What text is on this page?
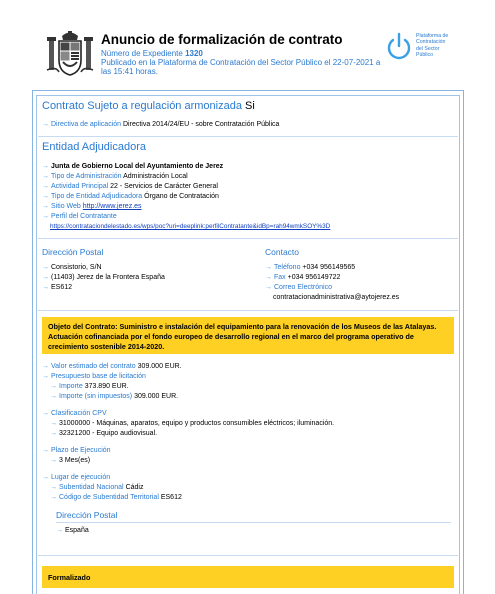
Anuncio de formalización de contrato
Número de Expediente 1320
Publicado en la Plataforma de Contratación del Sector Público el 22-07-2021 a
las 15:41 horas.
Plataforma de
Contratación
del Sector
Público
Contrato Sujeto a regulación armonizada Si
→ Directiva de aplicación Directiva 2014/24/EU - sobre Contratación Pública
Entidad Adjudicadora
→ Junta de Gobierno Local del Ayuntamiento de Jerez
→ Tipo de Administración Administración Local
→ Actividad Principal 22 - Servicios de Carácter General
→ Tipo de Entidad Adjudicadora Órgano de Contratación
→ Sitio Web http://www.jerez.es
→ Perfil del Contratante
https://contrataciondelestado.es/wps/poc?uri=deeplink:perfilContratante&idBp=rah94wmkSOY%3D
Dirección Postal
→ Consistorio, S/N
→ (11403) Jerez de la Frontera España
→ ES612
Contacto
→ Teléfono +034 956149565
→ Fax +034 956149722
→ Correo Electrónico
contratacionadministrativa@aytojerez.es
Objeto del Contrato: Suministro e instalación del equipamiento para la renovación de los Museos de las Atalayas. Actuación cofinanciada por el fondo europeo de desarrollo regional en el marco del programa operativo de crecimiento sostenible 2014-2020.
→ Valor estimado del contrato 309.000 EUR.
→ Presupuesto base de licitación
→ Importe 373.890 EUR.
→ Importe (sin impuestos) 309.000 EUR.
→ Clasificación CPV
→ 31000000 - Máquinas, aparatos, equipo y productos consumibles eléctricos; iluminación.
→ 32321200 - Equipo audiovisual.
→ Plazo de Ejecución
→ 3 Mes(es)
→ Lugar de ejecución
→ Subentidad Nacional Cádiz
→ Código de Subentidad Territorial ES612
Dirección Postal
→ España
Formalizado
